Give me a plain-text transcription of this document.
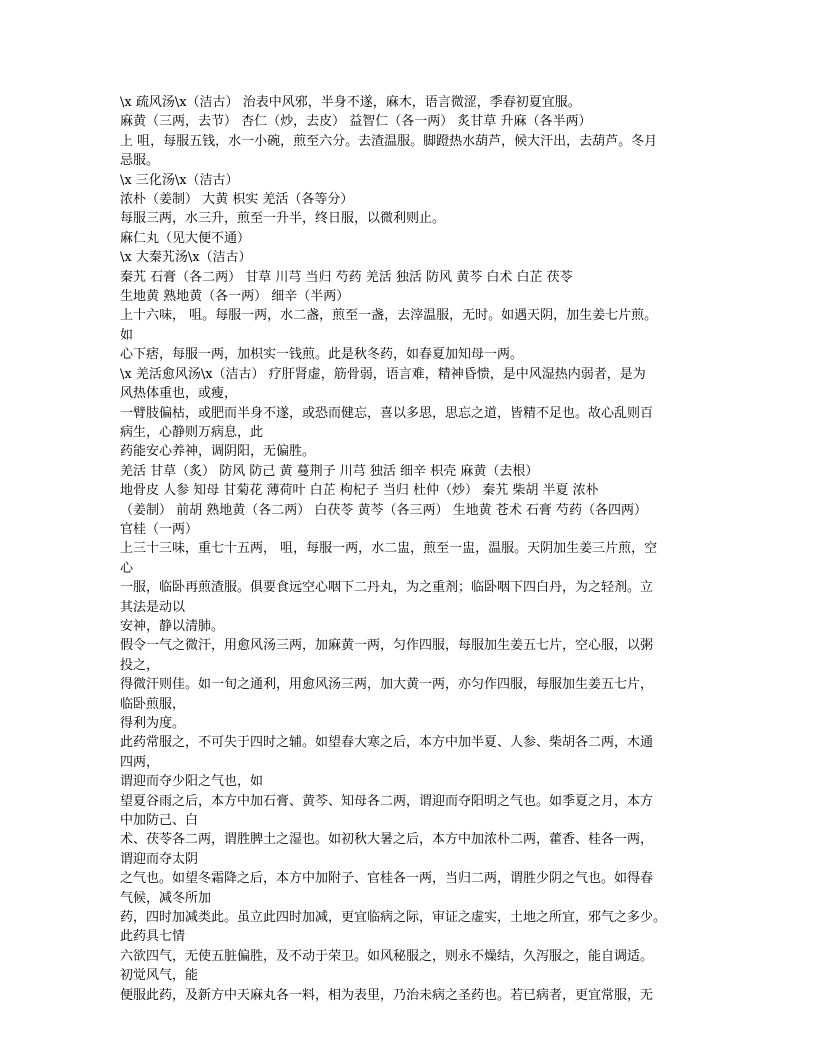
\x 疏风汤\x（洁古） 治表中风邪，半身不遂，麻木，语言微涩，季春初夏宜服。
麻黄（三两，去节） 杏仁（炒，去皮） 益智仁（各一两） 炙甘草 升麻（各半两）
上 咀，每服五钱，水一小碗，煎至六分。去渣温服。脚蹬热水葫芦，候大汗出，去葫芦。冬月
忌服。
\x 三化汤\x（洁古）
浓朴（姜制） 大黄 枳实 羌活（各等分）
每服三两，水三升，煎至一升半，终日服，以微利则止。
麻仁丸（见大便不通）
\x 大秦艽汤\x（洁古）
秦艽 石膏（各二两） 甘草 川芎 当归 芍药 羌活 独活 防风 黄芩 白术 白芷 茯苓
生地黄 熟地黄（各一两） 细辛（半两）
上十六味， 咀。每服一两，水二盏，煎至一盏，去滓温服，无时。如遇天阴，加生姜七片煎。
如
心下痞，每服一两，加枳实一钱煎。此是秋冬药，如春夏加知母一两。
\x 羌活愈风汤\x（洁古） 疗肝肾虚，筋骨弱，语言难，精神昏愦，是中风湿热内弱者，是为
风热体重也，或瘦，
一臂肢偏枯，或肥而半身不遂，或恐而健忘，喜以多思，思忘之道，皆精不足也。故心乱则百
病生，心静则万病息，此
药能安心养神，调阴阳，无偏胜。
羌活 甘草（炙） 防风 防己 黄 蔓荆子 川芎 独活 细辛 枳壳 麻黄（去根）
地骨皮 人参 知母 甘菊花 薄荷叶 白芷 枸杞子 当归 杜仲（炒） 秦艽 柴胡 半夏 浓朴
（姜制） 前胡 熟地黄（各二两） 白茯苓 黄芩（各三两） 生地黄 苍术 石膏 芍药（各四两）
官桂（一两）
上三十三味，重七十五两， 咀，每服一两，水二盅，煎至一盅，温服。天阴加生姜三片煎，空
心
一服，临卧再煎渣服。俱要食远空心咽下二丹丸，为之重剂；临卧咽下四白丹，为之轻剂。立
其法是动以
安神，静以清肺。
假令一气之微汗，用愈风汤三两，加麻黄一两，匀作四服，每服加生姜五七片，空心服，以粥
投之，
得微汗则佳。如一旬之通利，用愈风汤三两，加大黄一两，亦匀作四服，每服加生姜五七片，
临卧煎服，
得利为度。
此药常服之，不可失于四时之辅。如望春大寒之后，本方中加半夏、人参、柴胡各二两，木通
四两，
谓迎而夺少阳之气也，如
望夏谷雨之后，本方中加石膏、黄芩、知母各二两，谓迎而夺阳明之气也。如季夏之月，本方
中加防己、白
术、茯苓各二两，谓胜脾土之湿也。如初秋大暑之后，本方中加浓朴二两，藿香、桂各一两，
谓迎而夺太阴
之气也。如望冬霜降之后，本方中加附子、官桂各一两，当归二两，谓胜少阴之气也。如得春
气候，减冬所加
药，四时加减类此。虽立此四时加减，更宜临病之际，审证之虚实，土地之所宜，邪气之多少。
此药具七情
六欲四气，无使五脏偏胜，及不动于荣卫。如风秘服之，则永不燥结，久泻服之，能自调适。
初觉风气，能
便服此药，及新方中天麻丸各一料，相为表里，乃治未病之圣药也。若已病者，更宜常服，无
